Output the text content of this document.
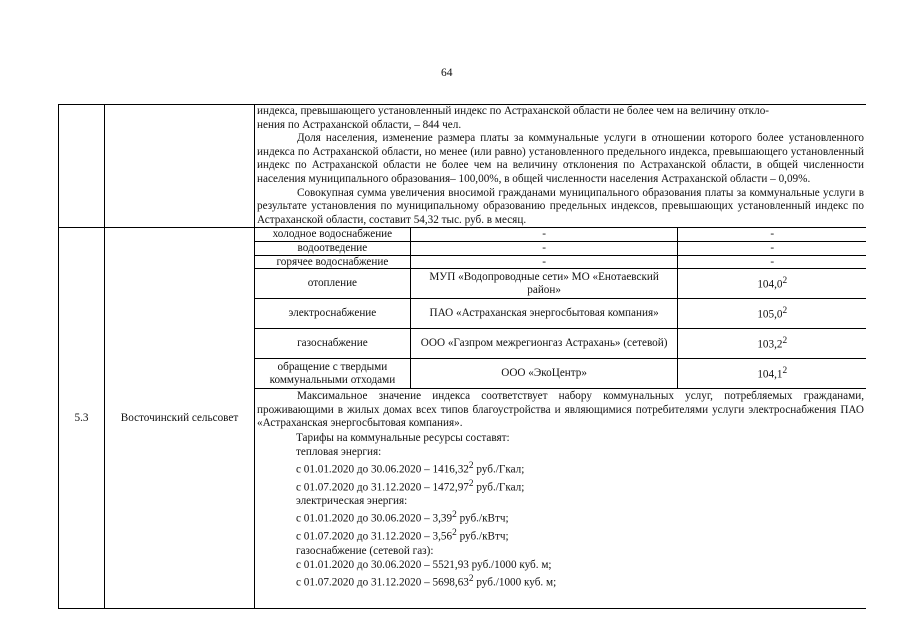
64

индекса, превышающего установленный индекс по Астраханской области не более чем на величину откло-

нения по Астраханской области, – 844 чел.

Доля населения, изменение размера платы за коммунальные услуги в отношении которого более установленного индекса по Астраханской области, но менее (или равно) установленного предельного индекса, превышающего установленный индекс по Астраханской области не более чем на величину отклонения по Астраханской области, в общей численности населения муниципального образования– 100,00%, в общей численности населения Астраханской области – 0,09%.

Совокупная сумма увеличения вносимой гражданами муниципального образования платы за коммунальные услуги в результате установления по муниципальному образованию предельных индексов, превышающих установленный индекс по Астраханской области, составит 54,32 тыс. руб. в месяц.

5.3	Восточинский сельсовет	
холодное водоснабжение	-	-
водоотведение	-	-
горячее водоснабжение	-	-
отопление	МУП «Водопроводные сети» МО «Енотаевский район»	104,0$^2$
электроснабжение	ПАО «Астраханская энергосбытовая компания»	105,0$^2$
газоснабжение	ООО «Газпром межрегионгаз Астрахань» (сетевой)	103,2$^2$
обращение с твердыми коммунальными отходами	ООО «ЭкоЦентр»	104,1$^2$

Максимальное значение индекса соответствует набору коммунальных услуг, потребляемых гражданами, проживающими в жилых домах всех типов благоустройства и являющимися потребителями услуги электроснабжения ПАО «Астраханская энергосбытовая компания».

Тарифы на коммунальные ресурсы составят:
тепловая энергия:
с 01.01.2020 до 30.06.2020 – 1416,32$^2$ руб./Гкал;
с 01.07.2020 до 31.12.2020 – 1472,97$^2$ руб./Гкал;
электрическая энергия:
с 01.01.2020 до 30.06.2020 – 3,39$^2$ руб./кВтч;
с 01.07.2020 до 31.12.2020 – 3,56$^2$ руб./кВтч;
газоснабжение (сетевой газ):
с 01.01.2020 до 30.06.2020 – 5521,93 руб./1000 куб. м;
с 01.07.2020 до 31.12.2020 – 5698,63$^2$ руб./1000 куб. м;
